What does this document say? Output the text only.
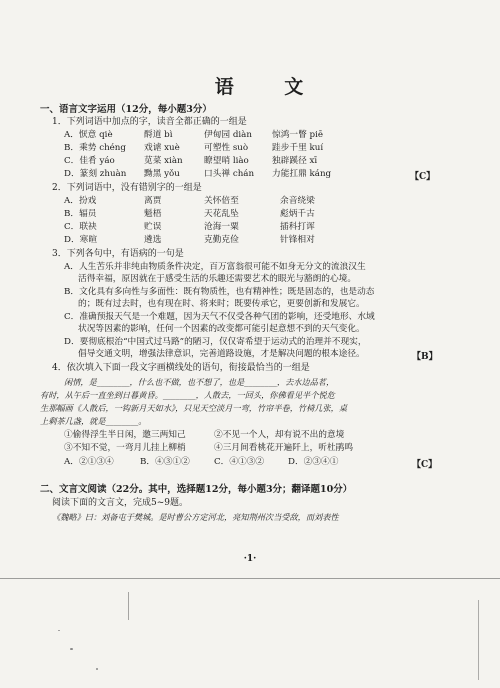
语 文
一、语言文字运用（12分，每小题3分）
1．下列词语中加点的字，读音全都正确的一组是
A．恹意 qiè	酹道 bì	伊甸园 diàn 惊鸿一瞥 piē
B．乘势 chéng 戏谑 xuè	可塑性 suò	跬步千里 kuí
C．佳肴 yáo	苋菜 xiàn 瞭望哨 liào	独辟蹊径 xī
D．篆刻 zhuàn 黝黑 yǒu	口头禅 chán 力能扛鼎 káng	【C】
2．下列词语中，没有错别字的一组是
A．扮戏	离贾	关怀倍至	余音绕梁
B．辐员	魁梧	天花乱坠	彪炳千古
C．联袂	贮误	沧海一粟	插科打诨
D．寒暄	遴选	克勤克俭	针锋相对
3．下列各句中，有语病的一句是
A．人生苦乐并非纯由物质条件决定，百万富翁很可能不如身无分文的流浪汉生
活得幸福，原因就在于感受生活的乐趣还需要艺术的眼光与豁朗的心境。
B．文化具有多向性与多面性：既有物质性，也有精神性；既是固态的，也是动态
的；既有过去时，也有现在时、将来时；既要传承它，更要创新和发展它。
C．准确预报天气是一个难题，因为天气不仅受各种气团的影响，还受地形、水域
状况等因素的影响，任何一个因素的改变都可能引起意想不到的天气变化。
D．要彻底根治“中国式过马路”的陋习，仅仅寄希望于运动式的治理并不现实，
倡导交通文明，增强法律意识，完善道路设施，才是解决问题的根本途径。	【B】
4．依次填入下面一段文字画横线处的语句，衔接最恰当的一组是
闲情，是________，什么也不做，也不想了，也是________，去水边品茗，
有时，从午后一直坐到日暮黄昏。________，人散去，一回头，你佛看见半个悦危
生那幅画《人散后，一钩新月天如水》，只见天空淡月一弯，竹帘半卷，竹椅几张，桌
上剩茶几盏，就是________。
①偷得浮生半日闲，邀三两知己	②不见一个人，却有说不出的意境
③不知不觉，一弯月儿挂上柳梢	④三月间看桃花开遍阡上，听杜鹃鸣
A．②①③④	B．④③①②	C．④①③②	D．②③④①	【C】
二、文言文阅读（22分。其中，选择题12分，每小题3分；翻译题10分）
阅读下面的文言文，完成5~9题。
《魏略》曰：刘备屯于樊城。是时曹公方定河北，亮知荆州次当受敌，而刘表性
·1·
